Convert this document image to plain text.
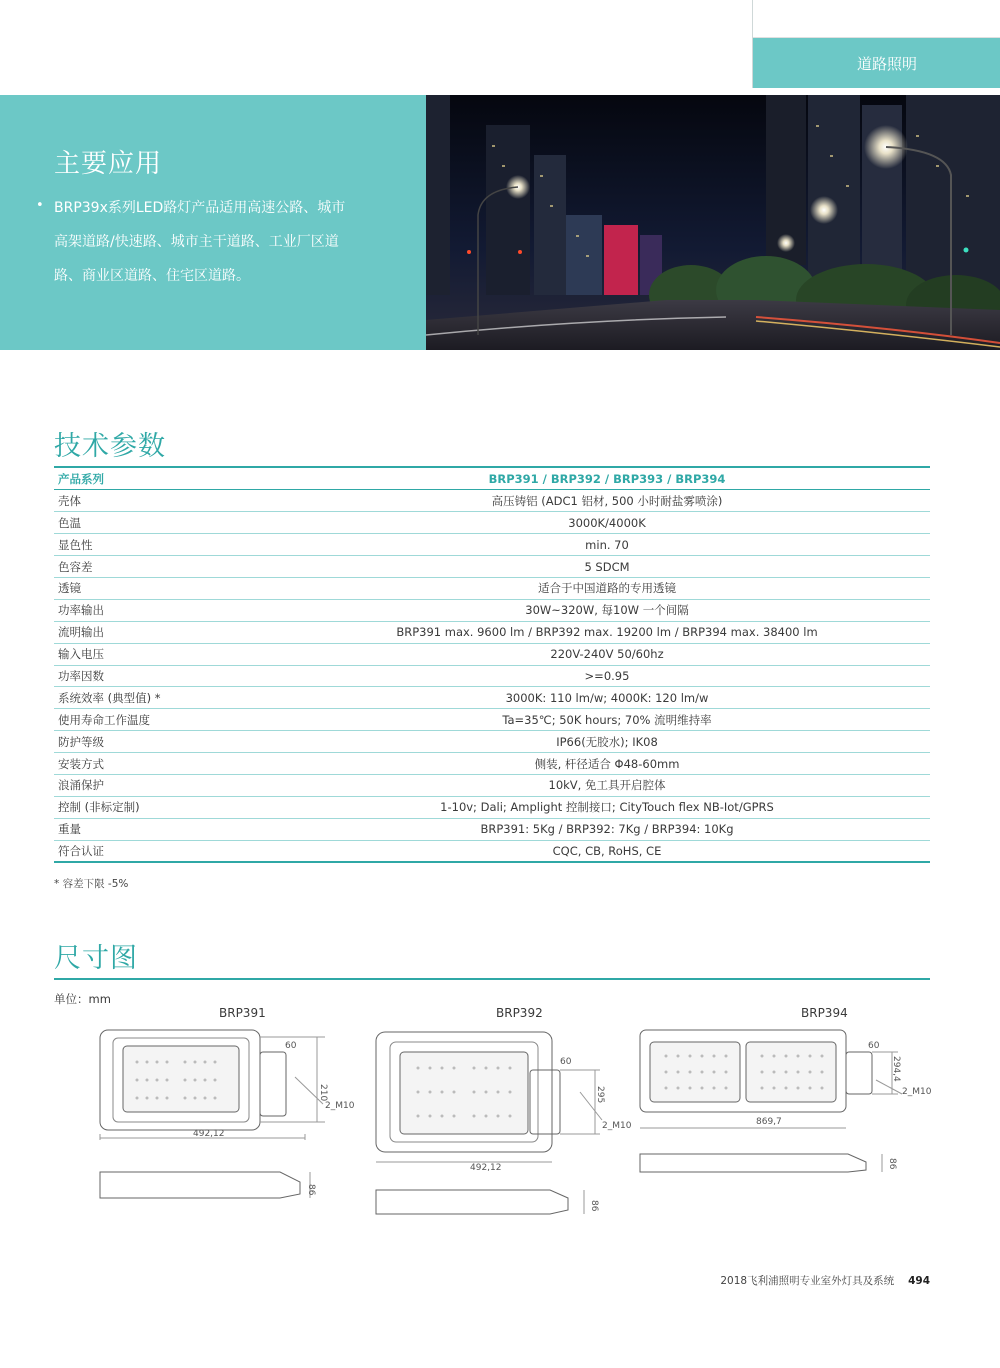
道路照明
主要应用
• BRP39x系列LED路灯产品适用高速公路、城市高架道路/快速路、城市主干道路、工业厂区道路、商业区道路、住宅区道路。

技术参数
产品系列	BRP391 / BRP392 / BRP393 / BRP394
壳体	高压铸铝 (ADC1 铝材, 500 小时耐盐雾喷涂)
色温	3000K/4000K
显色性	min. 70
色容差	5 SDCM
透镜	适合于中国道路的专用透镜
功率输出	30W~320W, 每10W 一个间隔
流明输出	BRP391 max. 9600 lm / BRP392 max. 19200 lm / BRP394 max. 38400 lm
输入电压	220V-240V 50/60hz
功率因数	>=0.95
系统效率 (典型值) *	3000K: 110 lm/w; 4000K: 120 lm/w
使用寿命工作温度	Ta=35℃; 50K hours; 70% 流明维持率
防护等级	IP66(无胶水); IK08
安装方式	侧装, 杆径适合 Φ48-60mm
浪涌保护	10kV, 免工具开启腔体
控制 (非标定制)	1-10v; Dali; Amplight 控制接口; CityTouch flex NB-Iot/GPRS
重量	BRP391: 5Kg / BRP392: 7Kg / BRP394: 10Kg
符合认证	CQC, CB, RoHS, CE
* 容差下限 -5%
尺寸图
单位：mm
BRP391	BRP392	BRP394
60
210
2_M10
492,12
86
60
295
2_M10
492,12
86
60
294,4
2_M10
869,7
86
2018飞利浦照明专业室外灯具及系统 494
